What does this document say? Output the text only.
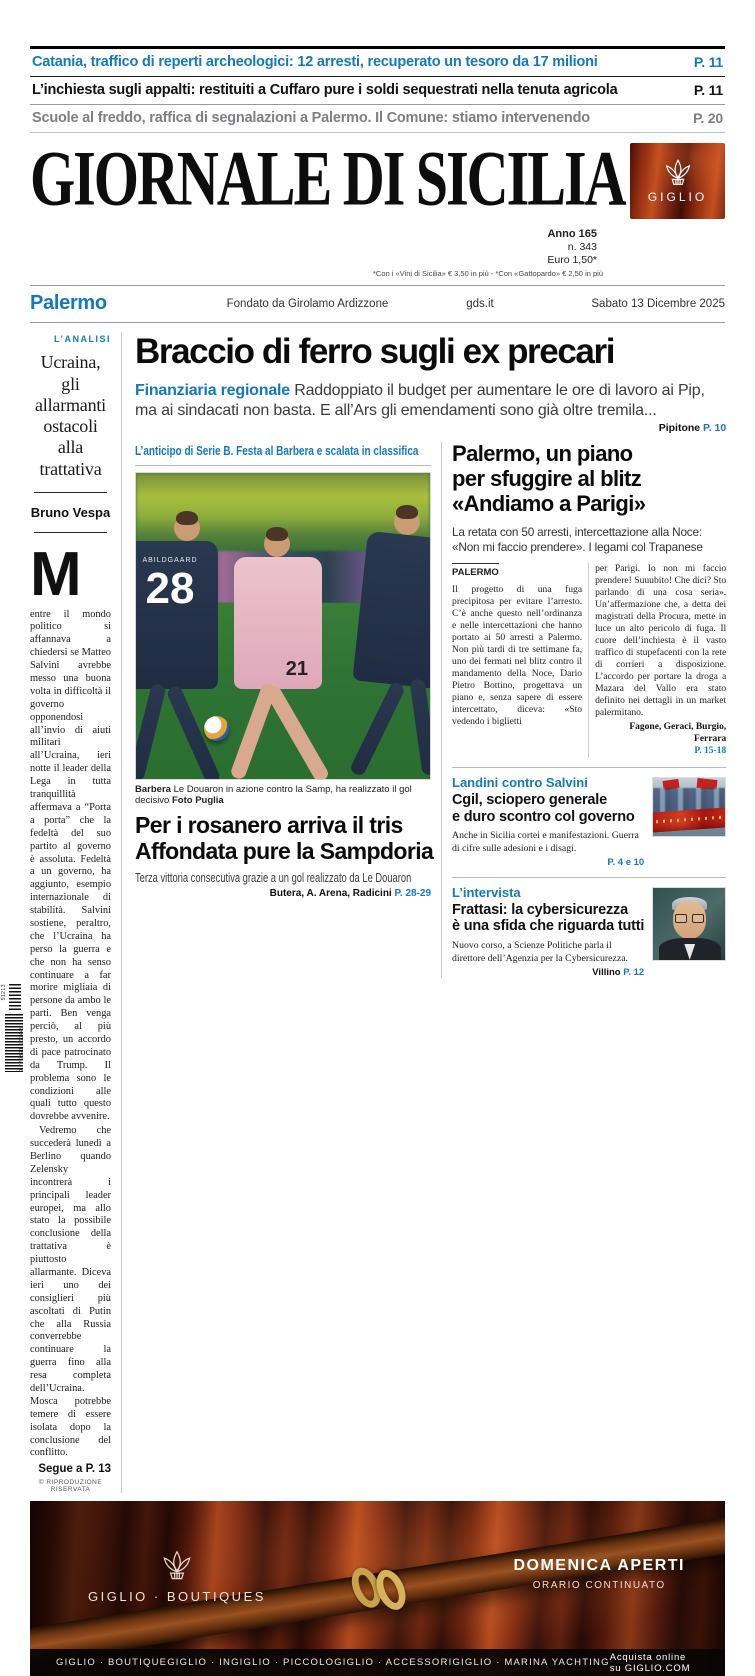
Catania, traffico di reperti archeologici: 12 arresti, recuperato un tesoro da 17 milioni	P. 11
L’inchiesta sugli appalti: restituiti a Cuffaro pure i soldi sequestrati nella tenuta agricola	P. 11
Scuole al freddo, raffica di segnalazioni a Palermo. Il Comune: stiamo intervenendo	P. 20
GIORNALE DI SICILIA	GIGLIO
Anno 165
n. 343
Euro 1,50*
*Con i «Vini di Sicilia» € 3,50 in più - *Con «Gattopardo» € 2,50 in più
Palermo	Fondato da Girolamo Ardizzone	gds.it	Sabato 13 Dicembre 2025
L’ANALISI
Ucraina, gli allarmanti ostacoli alla trattativa
Bruno Vespa
M

entre il mondo politico si affannava a chiedersi se Matteo Salvini avrebbe messo una buona volta in difficoltà il governo opponendosi all’invio di aiuti militari all’Ucraina, ieri notte il leader della Lega in tutta tranquillità affermava a “Porta a porta” che la fedeltà del suo partito al governo è assoluta. Fedeltà a un governo, ha aggiunto, esempio internazionale di stabilità. Salvini sostiene, peraltro, che l’Ucraina ha perso la guerra e che non ha senso continuare a far morire migliaia di persone da ambo le parti. Ben venga perciò, al più presto, un accordo di pace patrocinato da Trump. Il problema sono le condizioni alle quali tutto questo dovrebbe avvenire.

Vedremo che succederà lunedì a Berlino quando Zelensky incontrerà i principali leader europei, ma allo stato la possibile conclusione della trattativa è piuttosto allarmante. Diceva ieri uno dei consiglieri più ascoltati di Putin che alla Russia converrebbe continuare la guerra fino alla resa completa dell’Ucraina. Mosca potrebbe temere di essere isolata dopo la conclusione del conflitto.

Segue a P. 13
© RIPRODUZIONE RISERVATA
Braccio di ferro sugli ex precari
Finanziaria regionale Raddoppiato il budget per aumentare le ore di lavoro ai Pip, ma ai sindacati non basta. E all’Ars gli emendamenti sono già oltre tremila...
Pipitone P. 10
L’anticipo di Serie B. Festa al Barbera e scalata in classifica
ABILDGAARD
28
21
Barbera Le Douaron in azione contro la Samp, ha realizzato il gol decisivo Foto Puglia
Per i rosanero arriva il tris
Affondata pure la Sampdoria
Terza vittoria consecutiva grazie a un gol realizzato da Le Douaron
Butera, A. Arena, Radicini P. 28-29
Palermo, un piano
per sfuggire al blitz
«Andiamo a Parigi»
La retata con 50 arresti, intercettazione alla Noce: «Non mi faccio prendere». I legami col Trapanese
PALERMO
Il progetto di una fuga precipitosa per evitare l’arresto. C’è anche questo nell’ordinanza e nelle intercettazioni che hanno portato ai 50 arresti a Palermo. Non più tardi di tre settimane fa, uno dei fermati nel blitz contro il mandamento della Noce, Dario Pietro Bottino, progettava un piano e, senza sapere di essere intercettato, diceva: «Sto vedendo i biglietti
per Parigi. Io non mi faccio prendere! Suuubito! Che dici? Sto parlando di una cosa seria». Un’affermazione che, a detta dei magistrati della Procura, mette in luce un alto pericolo di fuga. Il cuore dell’inchiesta è il vasto traffico di stupefacenti con la rete di corrieri a disposizione. L’accordo per portare la droga a Mazara del Vallo era stato definito nei dettagli in un market palermitano.
Fagone, Geraci, Burgio, Ferrara
P. 15-18
Landini contro Salvini
Cgil, sciopero generale
e duro scontro col governo
Anche in Sicilia cortei e manifestazioni. Guerra di cifre sulle adesioni e i disagi.
P. 4 e 10
L’intervista
Frattasi: la cybersicurezza
è una sfida che riguarda tutti
Nuovo corso, a Scienze Politiche parla il direttore dell’Agenzia per la Cybersicurezza.
Villino P. 12
GIGLIO · BOUTIQUES
DOMENICA APERTI
ORARIO CONTINUATO
GIGLIO · BOUTIQUE GIGLIO · IN GIGLIO · PICCOLO GIGLIO · ACCESSORI GIGLIO · MARINA YACHTING Acquista online su GIGLIO.COM
51213
9 770391 660449
